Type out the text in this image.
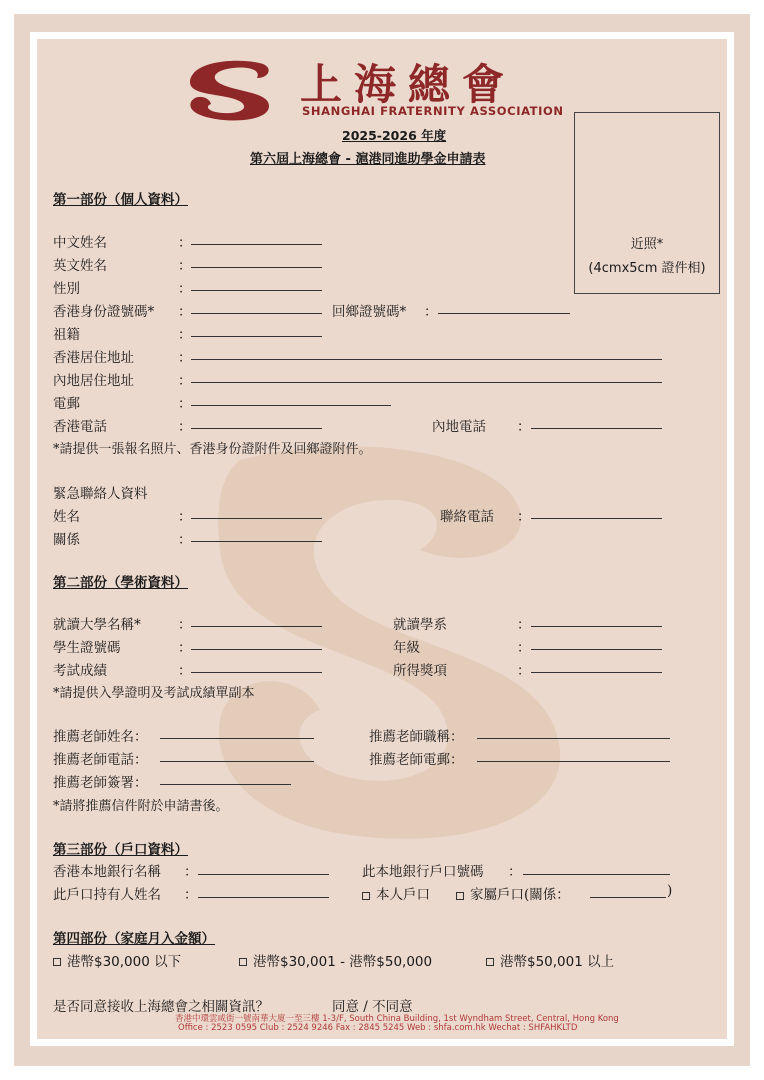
上海總會
SHANGHAI FRATERNITY ASSOCIATION
2025-2026 年度
第六屆上海總會 - 滬港同進助學金申請表
近照*
(4cmx5cm 證件相)
第一部份（個人資料）
中文姓名	：
英文姓名	：
性別	：
香港身份證號碼* ：	回鄉證號碼* ：
祖籍	：
香港居住地址	：
內地居住地址	：
電郵	：
香港電話	：	內地電話 ：
*請提供一張報名照片、香港身份證附件及回鄉證附件。
緊急聯絡人資料
姓名	：	聯絡電話 ：
關係	：
第二部份（學術資料）
就讀大學名稱*	：	就讀學系	：
學生證號碼	：	年級	：
考試成績	：	所得獎項	：
*請提供入學證明及考試成績單副本
推薦老師姓名：	推薦老師職稱：
推薦老師電話：	推薦老師電郵：
推薦老師簽署：
*請將推薦信件附於申請書後。
第三部份（戶口資料）
香港本地銀行名稱 ：	此本地銀行戶口號碼 ：
此戶口持有人姓名 ：	本人戶口	家屬戶口(關係：	)
第四部份（家庭月入金額）
港幣$30,000 以下	港幣$30,001 - 港幣$50,000	港幣$50,001 以上
是否同意接收上海總會之相關資訊？	同意 / 不同意
香港中環雲咸街一號南華大廈一至三樓 1-3/F, South China Building, 1st Wyndham Street, Central, Hong Kong
Office : 2523 0595 Club : 2524 9246 Fax : 2845 5245 Web : shfa.com.hk Wechat : SHFAHKLTD
